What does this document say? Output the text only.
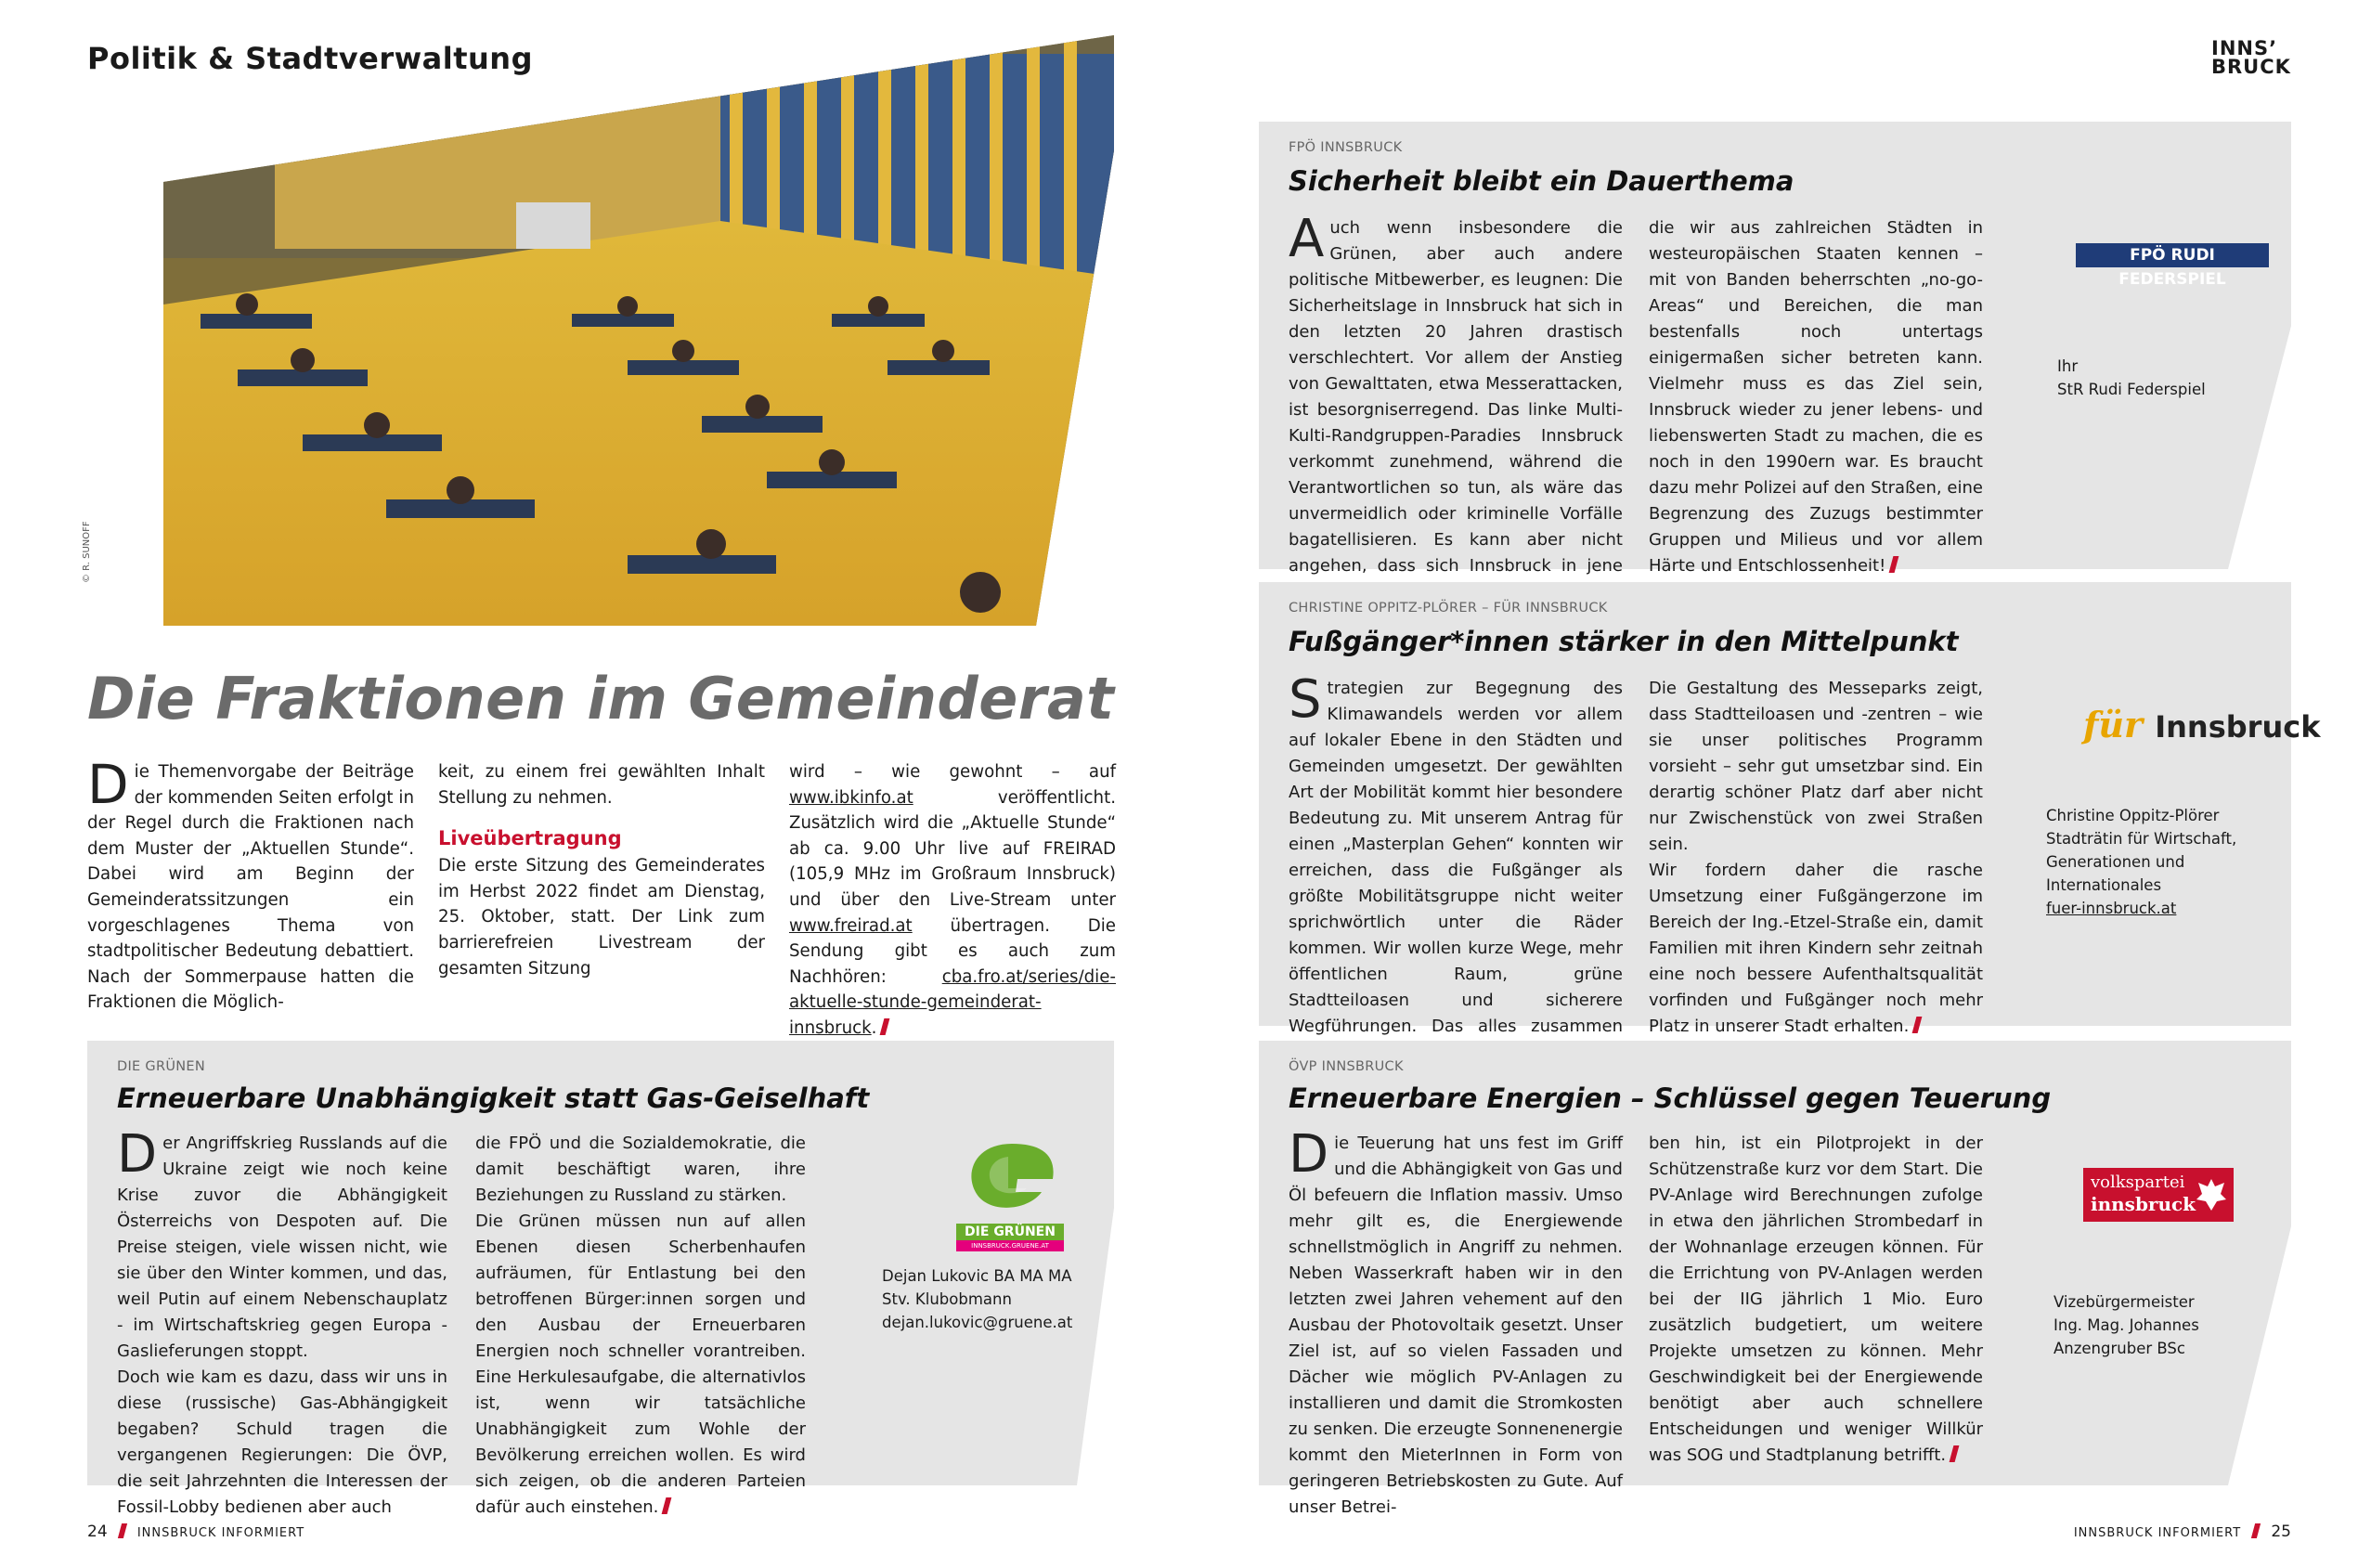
Politik & Stadtverwaltung	INNS’
BRUCK
© R. SUNOFF
Die Fraktionen im Gemeinderat
D ie Themenvorgabe der Beiträge der kommenden Seiten erfolgt in der Regel durch die Fraktionen nach dem Muster der „Aktuellen Stunde“. Dabei wird am Beginn der Gemeinderatssitzungen ein vorgeschlagenes Thema von stadtpolitischer Bedeutung debattiert. Nach der Sommerpause hatten die Fraktionen die Möglich-

keit, zu einem frei gewählten Inhalt Stellung zu nehmen.

Liveübertragung

Die erste Sitzung des Gemeinderates im Herbst 2022 findet am Dienstag, 25. Oktober, statt. Der Link zum barrierefreien Livestream der gesamten Sitzung

wird – wie gewohnt – auf www.ibkinfo.at veröffentlicht. Zusätzlich wird die „Aktuelle Stunde“ ab ca. 9.00 Uhr live auf FREIRAD (105,9 MHz im Großraum Innsbruck) und über den Live-Stream unter www.freirad.at übertragen. Die Sendung gibt es auch zum Nachhören: cba.fro.at/series/die-aktuelle-stunde-gemeinderat-innsbruck.
DIE GRÜNEN
Erneuerbare Unabhängigkeit statt Gas-Geiselhaft
D er Angriffskrieg Russlands auf die Ukraine zeigt wie noch keine Krise zuvor die Abhängigkeit Österreichs von Despoten auf. Die Preise steigen, viele wissen nicht, wie sie über den Winter kommen, und das, weil Putin auf einem Nebenschauplatz - im Wirtschaftskrieg gegen Europa - Gaslieferungen stoppt.

Doch wie kam es dazu, dass wir uns in diese (russische) Gas-Abhängigkeit begaben? Schuld tragen die vergangenen Regierungen: Die ÖVP, die seit Jahrzehnten die Interessen der Fossil-Lobby bedienen aber auch

die FPÖ und die Sozialdemokratie, die damit beschäftigt waren, ihre Beziehungen zu Russland zu stärken.

Die Grünen müssen nun auf allen Ebenen diesen Scherbenhaufen aufräumen, für Entlastung bei den betroffenen Bürger:innen sorgen und den Ausbau der Erneuerbaren Energien noch schneller vorantreiben. Eine Herkulesaufgabe, die alternativlos ist, wenn wir tatsächliche Unabhängigkeit zum Wohle der Bevölkerung erreichen wollen. Es wird sich zeigen, ob die anderen Parteien dafür auch einstehen.

DIE GRÜNEN
INNSBRUCK.GRUENE.AT
Dejan Lukovic BA MA MA
Stv. Klubobmann
dejan.lukovic@gruene.at
FPÖ INNSBRUCK
Sicherheit bleibt ein Dauerthema
A uch wenn insbesondere die Grünen, aber auch andere politische Mitbewerber, es leugnen: Die Sicherheitslage in Innsbruck hat sich in den letzten 20 Jahren drastisch verschlechtert. Vor allem der Anstieg von Gewalttaten, etwa Messerattacken, ist besorgniserregend. Das linke Multi-Kulti-Randgruppen-Paradies Innsbruck verkommt zunehmend, während die Verantwortlichen so tun, als wäre das unvermeidlich oder kriminelle Vorfälle bagatellisieren. Es kann aber nicht angehen, dass sich Innsbruck in jene
die wir aus zahlreichen Städten in westeuropäischen Staaten kennen – mit von Banden beherrschten „no-go-Areas“ und Bereichen, die man bestenfalls noch untertags einigermaßen sicher betreten kann. Vielmehr muss es das Ziel sein, Innsbruck wieder zu jener lebens- und liebenswerten Stadt zu machen, die es noch in den 1990ern war. Es braucht dazu mehr Polizei auf den Straßen, eine Begrenzung des Zuzugs bestimmter Gruppen und Milieus und vor allem Härte und Entschlossenheit!
FPÖ RUDI FEDERSPIEL
Ihr
StR Rudi Federspiel
CHRISTINE OPPITZ-PLÖRER – FÜR INNSBRUCK
Fußgänger*innen stärker in den Mittelpunkt
S trategien zur Begegnung des Klimawandels werden vor allem auf lokaler Ebene in den Städten und Gemeinden umgesetzt. Der gewählten Art der Mobilität kommt hier besondere Bedeutung zu. Mit unserem Antrag für einen „Masterplan Gehen“ konnten wir erreichen, dass die Fußgänger als größte Mobilitätsgruppe nicht weiter sprichwörtlich unter die Räder kommen. Wir wollen kurze Wege, mehr öffentlichen Raum, grüne Stadtteiloasen und sicherere Wegführungen. Das alles zusammen

Die Gestaltung des Messeparks zeigt, dass Stadtteiloasen und -zentren – wie sie unser politisches Programm vorsieht – sehr gut umsetzbar sind. Ein derartig schöner Platz darf aber nicht nur Zwischenstück von zwei Straßen sein.

Wir fordern daher die rasche Umsetzung einer Fußgängerzone im Bereich der Ing.-Etzel-Straße ein, damit Familien mit ihren Kindern sehr zeitnah eine noch bessere Aufenthaltsqualität vorfinden und Fußgänger noch mehr Platz in unserer Stadt erhalten.

für Innsbruck
Christine Oppitz-Plörer
Stadträtin für Wirtschaft,
Generationen und
Internationales
fuer-innsbruck.at
ÖVP INNSBRUCK
Erneuerbare Energien – Schlüssel gegen Teuerung
D ie Teuerung hat uns fest im Griff und die Abhängigkeit von Gas und Öl befeuern die Inflation massiv. Umso mehr gilt es, die Energiewende schnellstmöglich in Angriff zu nehmen. Neben Wasserkraft haben wir in den letzten zwei Jahren vehement auf den Ausbau der Photovoltaik gesetzt. Unser Ziel ist, auf so vielen Fassaden und Dächer wie möglich PV-Anlagen zu installieren und damit die Stromkosten zu senken. Die erzeugte Sonnenenergie kommt den MieterInnen in Form von geringeren Betriebskosten zu Gute. Auf unser Betrei-
ben hin, ist ein Pilotprojekt in der Schützenstraße kurz vor dem Start. Die PV-Anlage wird Berechnungen zufolge in etwa den jährlichen Strombedarf in der Wohnanlage erzeugen können. Für die Errichtung von PV-Anlagen werden bei der IIG jährlich 1 Mio. Euro zusätzlich budgetiert, um weitere Projekte umsetzen zu können. Mehr Geschwindigkeit bei der Energiewende benötigt aber auch schnellere Entscheidungen und weniger Willkür was SOG und Stadtplanung betrifft.
volkspartei
innsbruck
Vizebürgermeister
Ing. Mag. Johannes
Anzengruber BSc
24 INNSBRUCK INFORMIERT	INNSBRUCK INFORMIERT 25
